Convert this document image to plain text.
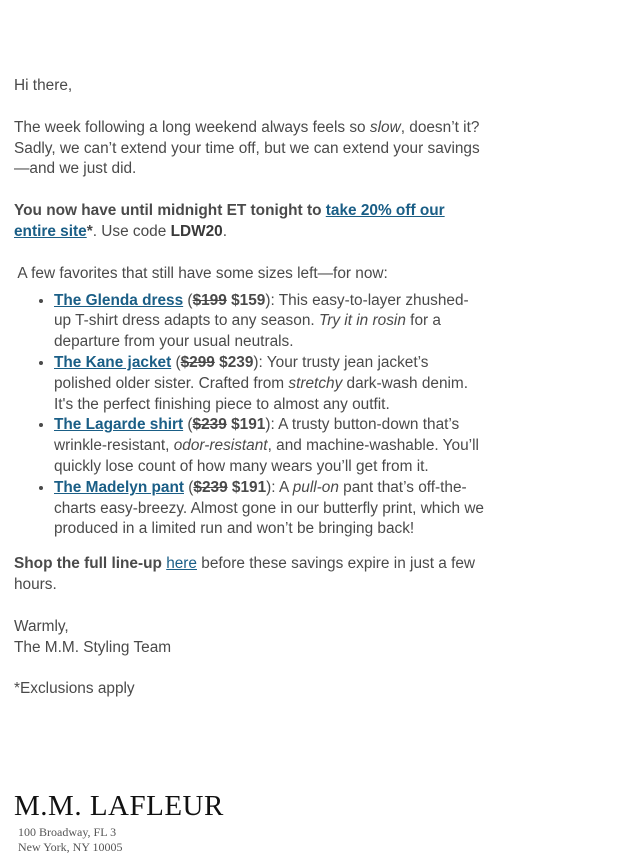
Hi there,

The week following a long weekend always feels so slow, doesn’t it? Sadly, we can’t extend your time off, but we can extend your savings—and we just did.

You now have until midnight ET tonight to take 20% off our entire site*. Use code LDW20.

A few favorites that still have some sizes left—for now:

• The Glenda dress ($199 $159): This easy-to-layer zhushed-up T-shirt dress adapts to any season. Try it in rosin for a departure from your usual neutrals.
• The Kane jacket ($299 $239): Your trusty jean jacket’s polished older sister. Crafted from stretchy dark-wash denim. It's the perfect finishing piece to almost any outfit.
• The Lagarde shirt ($239 $191): A trusty button-down that’s wrinkle-resistant, odor-resistant, and machine-washable. You’ll quickly lose count of how many wears you’ll get from it.
• The Madelyn pant ($239 $191): A pull-on pant that’s off-the-charts easy-breezy. Almost gone in our butterfly print, which we produced in a limited run and won’t be bringing back!

Shop the full line-up here before these savings expire in just a few hours.

Warmly,

The M.M. Styling Team

*Exclusions apply

M.M. LAFLEUR
100 Broadway, FL 3
New York, NY 10005
